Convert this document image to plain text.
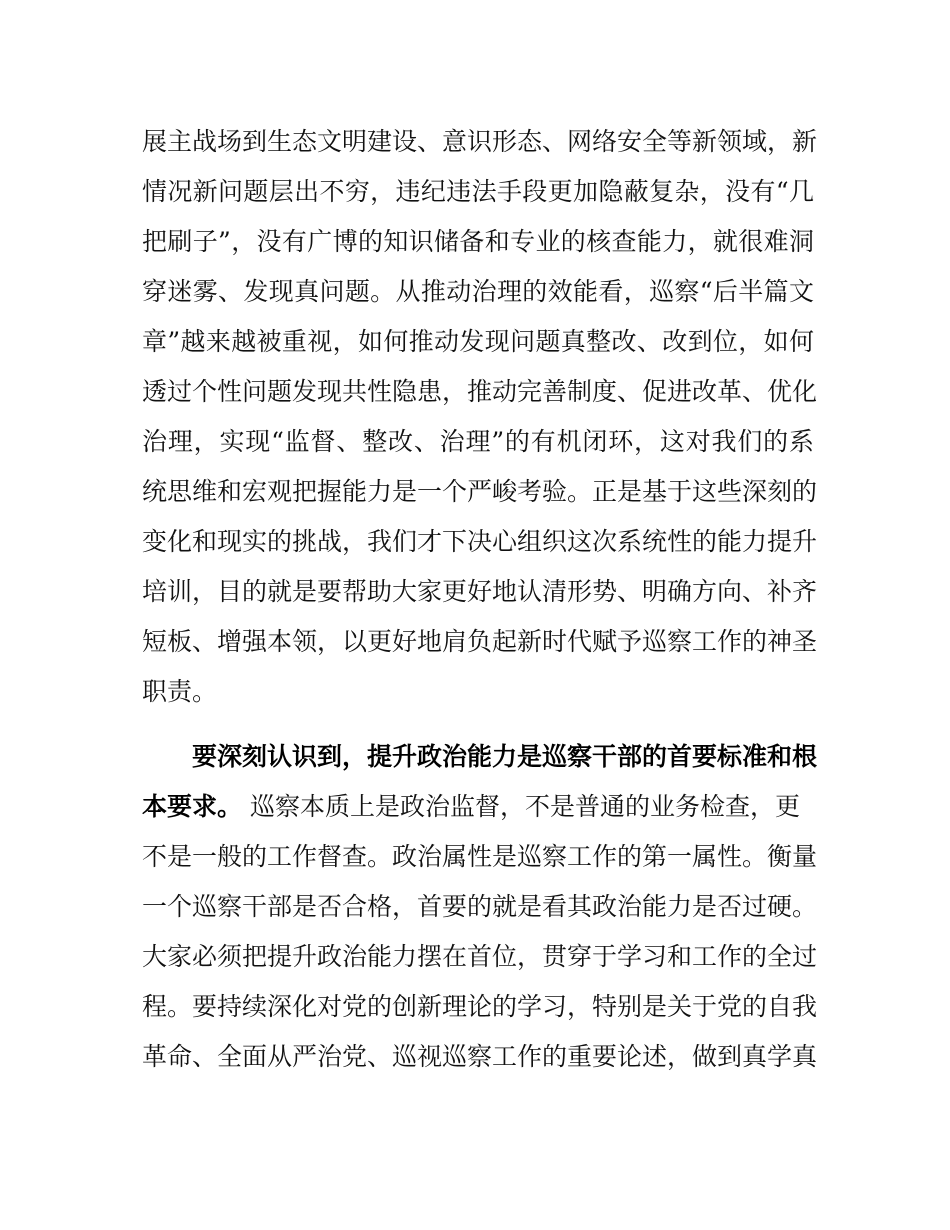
展主战场到生态文明建设、意识形态、网络安全等新领域，新
情况新问题层出不穷，违纪违法手段更加隐蔽复杂，没有“几
把刷子”，没有广博的知识储备和专业的核查能力，就很难洞
穿迷雾、发现真问题。从推动治理的效能看，巡察“后半篇文
章”越来越被重视，如何推动发现问题真整改、改到位，如何
透过个性问题发现共性隐患，推动完善制度、促进改革、优化
治理，实现“监督、整改、治理”的有机闭环，这对我们的系
统思维和宏观把握能力是一个严峻考验。正是基于这些深刻的
变化和现实的挑战，我们才下决心组织这次系统性的能力提升
培训，目的就是要帮助大家更好地认清形势、明确方向、补齐
短板、增强本领，以更好地肩负起新时代赋予巡察工作的神圣
职责。
要深刻认识到，提升政治能力是巡察干部的首要标准和根
本要求。 巡察本质上是政治监督，不是普通的业务检查，更
不是一般的工作督查。政治属性是巡察工作的第一属性。衡量
一个巡察干部是否合格，首要的就是看其政治能力是否过硬。
大家必须把提升政治能力摆在首位，贯穿于学习和工作的全过
程。要持续深化对党的创新理论的学习，特别是关于党的自我
革命、全面从严治党、巡视巡察工作的重要论述，做到真学真
